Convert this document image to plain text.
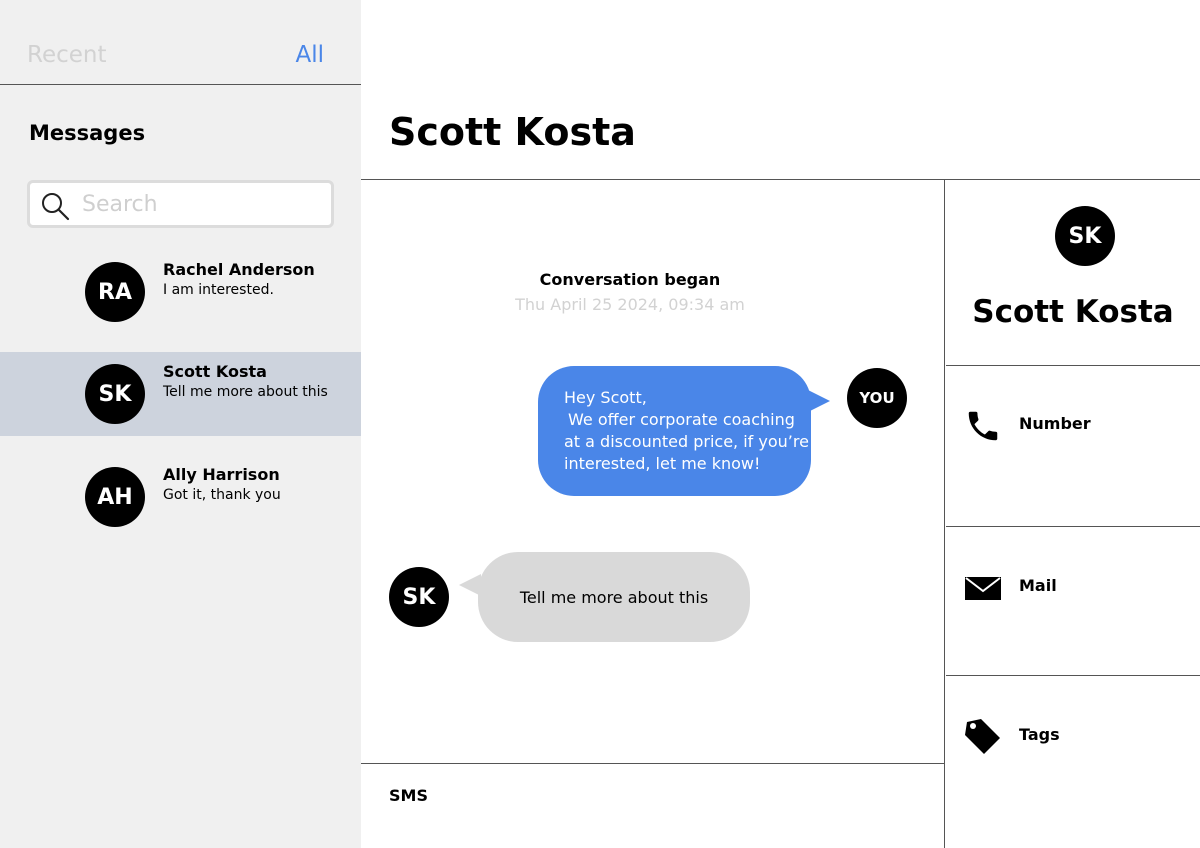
Recent	All
Messages
Search
RA
Rachel Anderson
I am interested.
SK
Scott Kosta
Tell me more about this
AH
Ally Harrison
Got it, thank you
Scott Kosta
Conversation began
Thu April 25 2024, 09:34 am

Hey Scott,

We offer corporate coaching

at a discounted price, if you’re

interested, let me know!

YOU
SK	Tell me more about this
SMS
SK
Scott Kosta
Number
Mail
Tags
